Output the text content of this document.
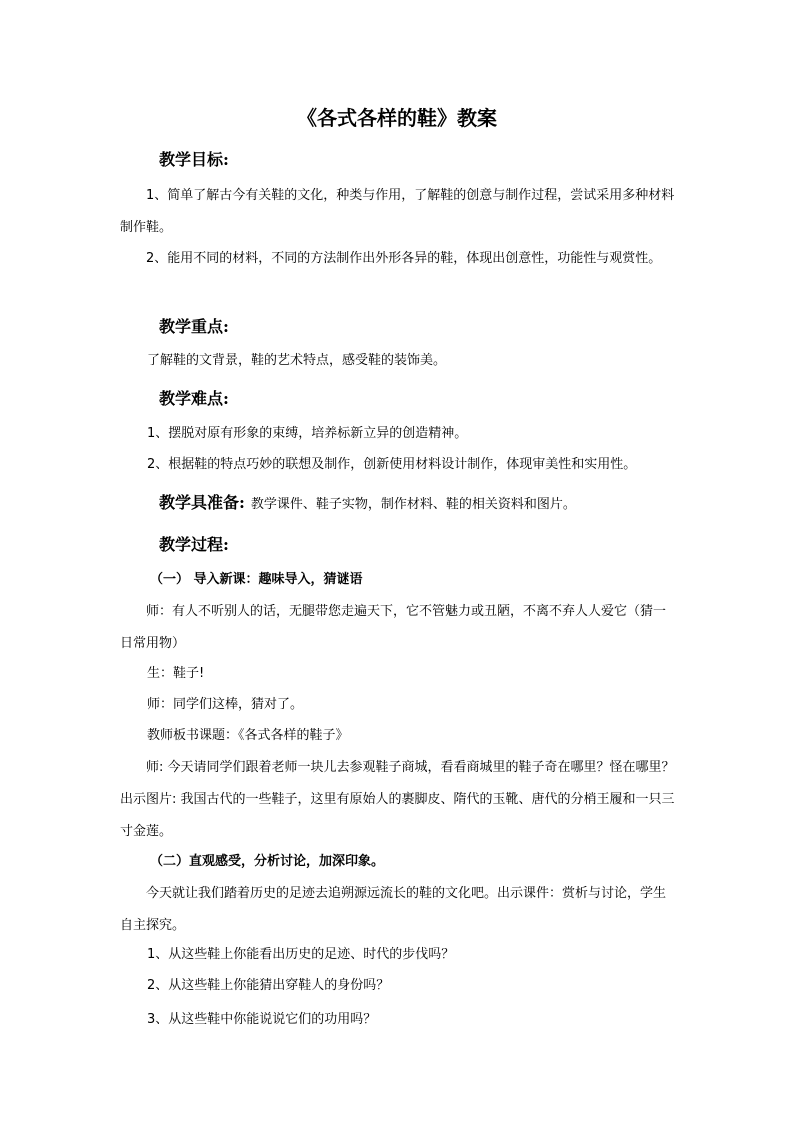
《各式各样的鞋》教案
教学目标:
1、简单了解古今有关鞋的文化，种类与作用，了解鞋的创意与制作过程，尝试采用多种材料制作鞋。
2、能用不同的材料，不同的方法制作出外形各异的鞋，体现出创意性，功能性与观赏性。
教学重点:
了解鞋的文背景，鞋的艺术特点，感受鞋的装饰美。
教学难点:
1、摆脱对原有形象的束缚，培养标新立异的创造精神。
2、根据鞋的特点巧妙的联想及制作，创新使用材料设计制作，体现审美性和实用性。
教学具准备: 教学课件、鞋子实物，制作材料、鞋的相关资料和图片。
教学过程:
（一） 导入新课：趣味导入，猜谜语
师：有人不听别人的话，无腿带您走遍天下，它不管魅力或丑陋，不离不弃人人爱它（猜一日常用物）
生：鞋子!
师：同学们这棒，猜对了。
教师板书课题：《各式各样的鞋子》
师: 今天请同学们跟着老师一块儿去参观鞋子商城，看看商城里的鞋子奇在哪里？怪在哪里？出示图片: 我国古代的一些鞋子，这里有原始人的裹脚皮、隋代的玉靴、唐代的分梢王履和一只三寸金莲。
（二）直观感受，分析讨论，加深印象。
今天就让我们踏着历史的足迹去追朔源远流长的鞋的文化吧。出示课件：赏析与讨论，学生自主探究。
1、从这些鞋上你能看出历史的足迹、时代的步伐吗？
2、从这些鞋上你能猜出穿鞋人的身份吗？
3、从这些鞋中你能说说它们的功用吗？
